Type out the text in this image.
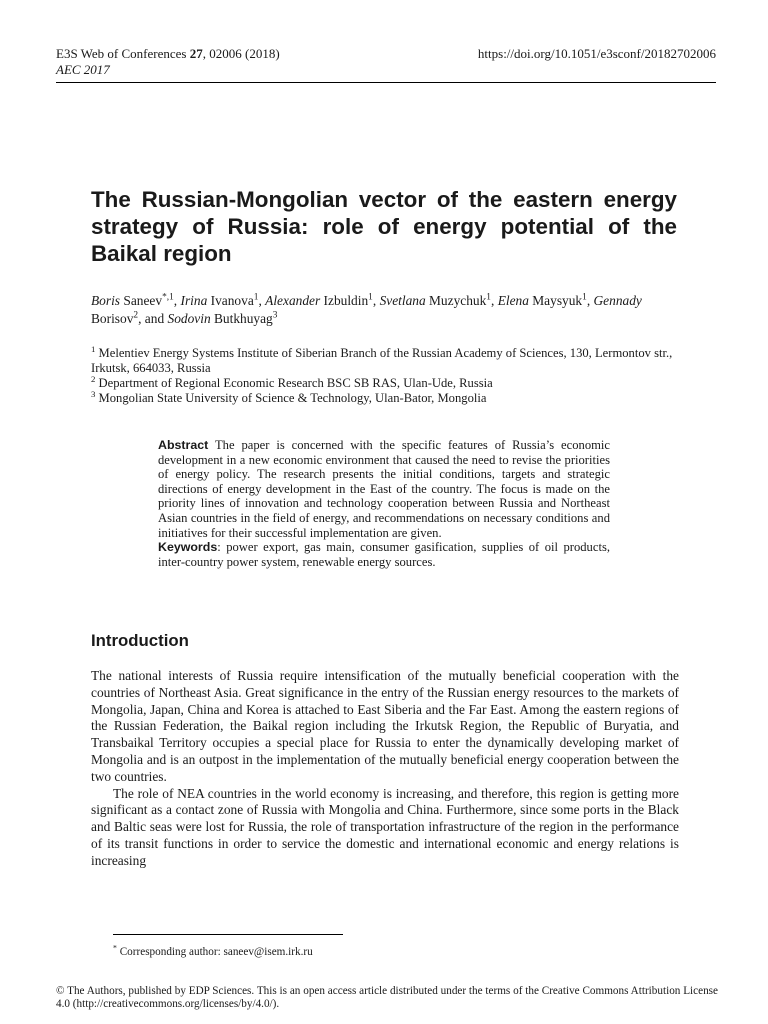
E3S Web of Conferences 27, 02006 (2018)	https://doi.org/10.1051/e3sconf/20182702006
AEC 2017
The Russian-Mongolian vector of the eastern energy strategy of Russia: role of energy potential of the Baikal region

Boris Saneev$^{*,1}$, Irina Ivanova$^1$, Alexander Izbuldin$^1$, Svetlana Muzychuk$^1$, Elena Maysyuk$^1$, Gennady Borisov$^2$, and Sodovin Butkhuyag$^3$

$^1$ Melentiev Energy Systems Institute of Siberian Branch of the Russian Academy of Sciences, 130, Lermontov str., Irkutsk, 664033, Russia
$^2$ Department of Regional Economic Research BSC SB RAS, Ulan-Ude, Russia
$^3$ Mongolian State University of Science & Technology, Ulan-Bator, Mongolia

Abstract The paper is concerned with the specific features of Russia’s economic development in a new economic environment that caused the need to revise the priorities of energy policy. The research presents the initial conditions, targets and strategic directions of energy development in the East of the country. The focus is made on the priority lines of innovation and technology cooperation between Russia and Northeast Asian countries in the field of energy, and recommendations on necessary conditions and initiatives for their successful implementation are given.

Keywords: power export, gas main, consumer gasification, supplies of oil products, inter-country power system, renewable energy sources.

Introduction

The national interests of Russia require intensification of the mutually beneficial cooperation with the countries of Northeast Asia. Great significance in the entry of the Russian energy resources to the markets of Mongolia, Japan, China and Korea is attached to East Siberia and the Far East. Among the eastern regions of the Russian Federation, the Baikal region including the Irkutsk Region, the Republic of Buryatia, and Transbaikal Territory occupies a special place for Russia to enter the dynamically developing market of Mongolia and is an outpost in the implementation of the mutually beneficial energy cooperation between the two countries.

The role of NEA countries in the world economy is increasing, and therefore, this region is getting more significant as a contact zone of Russia with Mongolia and China. Furthermore, since some ports in the Black and Baltic seas were lost for Russia, the role of transportation infrastructure of the region in the performance of its transit functions in order to service the domestic and international economic and energy relations is increasing

* Corresponding author: saneev@isem.irk.ru
© The Authors, published by EDP Sciences. This is an open access article distributed under the terms of the Creative Commons Attribution License 4.0 (http://creativecommons.org/licenses/by/4.0/).
